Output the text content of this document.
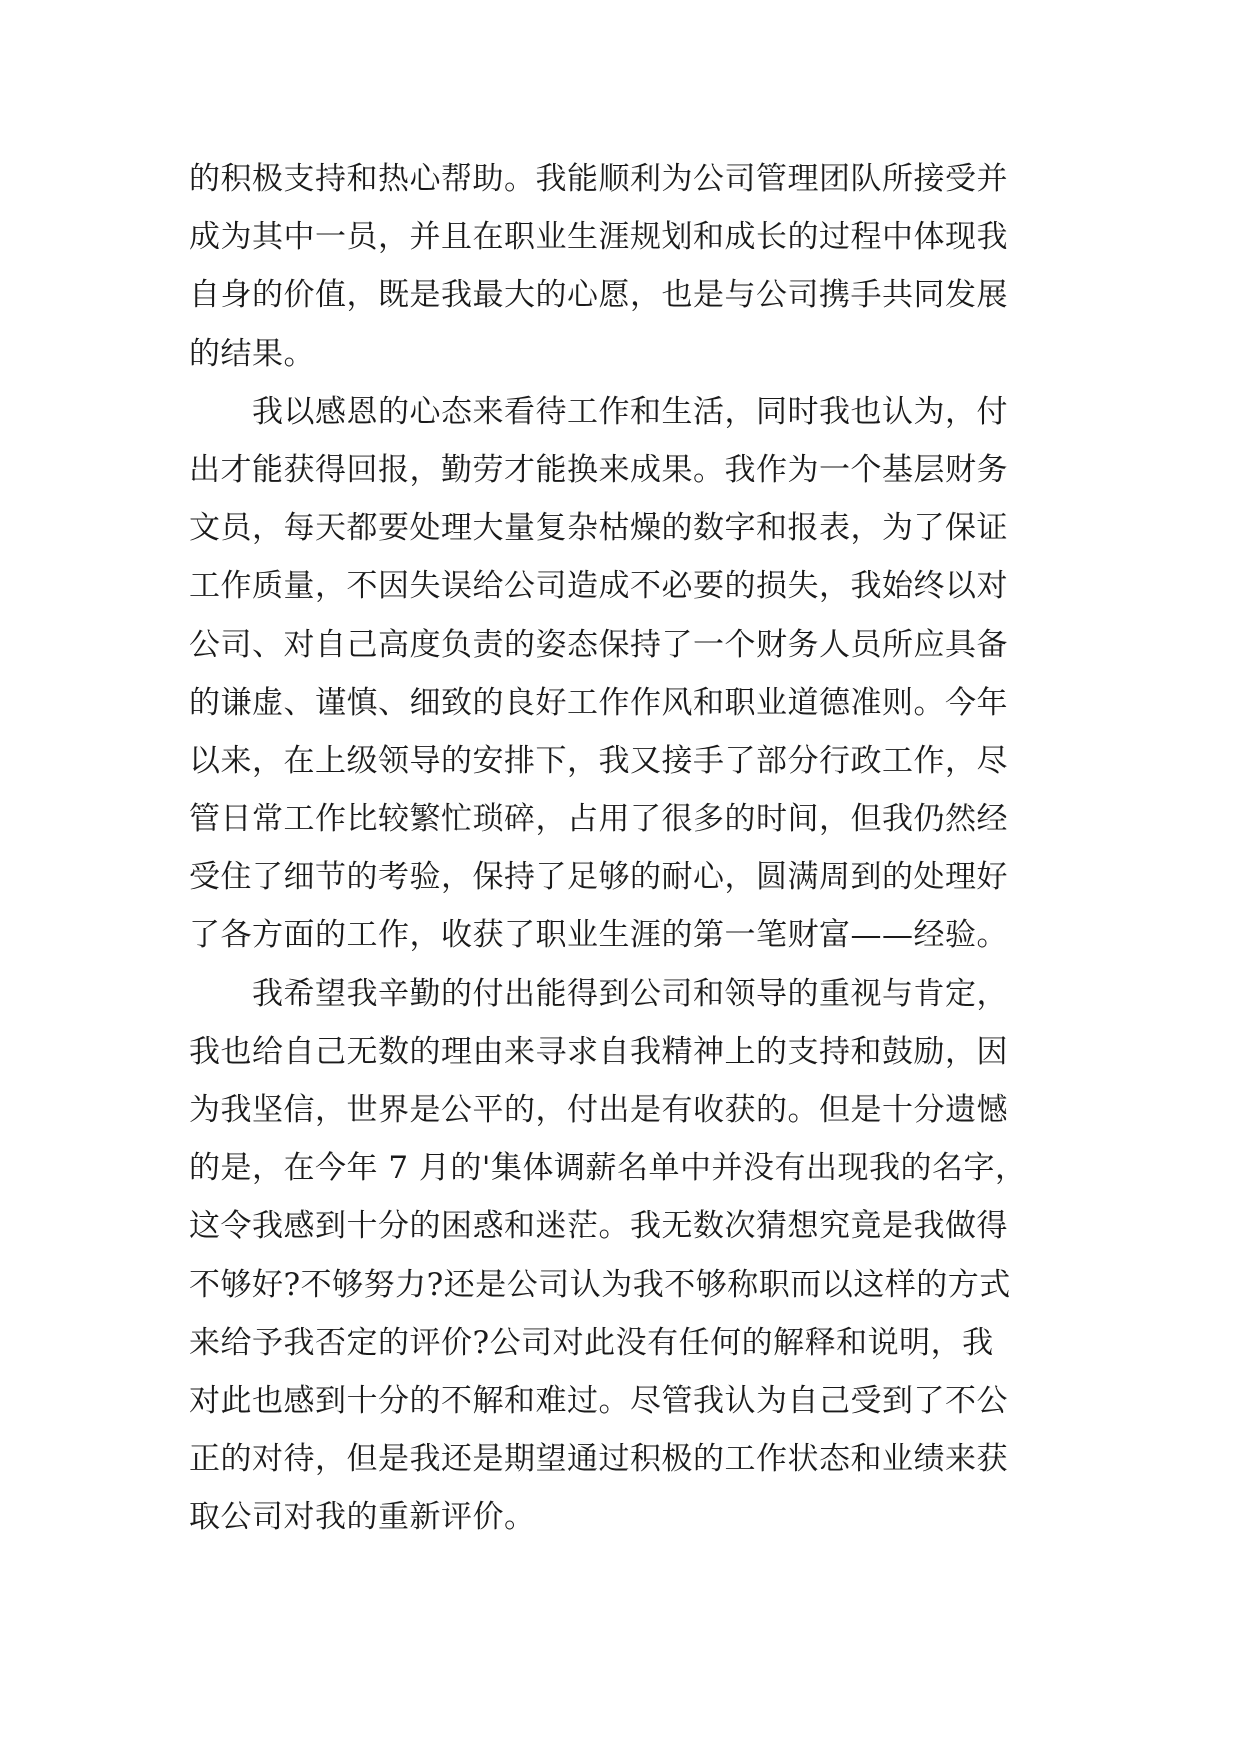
的积极支持和热心帮助。我能顺利为公司管理团队所接受并
成为其中一员，并且在职业生涯规划和成长的过程中体现我
自身的价值，既是我最大的心愿，也是与公司携手共同发展
的结果。
　　我以感恩的心态来看待工作和生活，同时我也认为，付
出才能获得回报，勤劳才能换来成果。我作为一个基层财务
文员，每天都要处理大量复杂枯燥的数字和报表，为了保证
工作质量，不因失误给公司造成不必要的损失，我始终以对
公司、对自己高度负责的姿态保持了一个财务人员所应具备
的谦虚、谨慎、细致的良好工作作风和职业道德准则。今年
以来，在上级领导的安排下，我又接手了部分行政工作，尽
管日常工作比较繁忙琐碎，占用了很多的时间，但我仍然经
受住了细节的考验，保持了足够的耐心，圆满周到的处理好
了各方面的工作，收获了职业生涯的第一笔财富——经验。
　　我希望我辛勤的付出能得到公司和领导的重视与肯定，
我也给自己无数的理由来寻求自我精神上的支持和鼓励，因
为我坚信，世界是公平的，付出是有收获的。但是十分遗憾
的是，在今年 7 月的'集体调薪名单中并没有出现我的名字，
这令我感到十分的困惑和迷茫。我无数次猜想究竟是我做得
不够好?不够努力?还是公司认为我不够称职而以这样的方式
来给予我否定的评价?公司对此没有任何的解释和说明，我
对此也感到十分的不解和难过。尽管我认为自己受到了不公
正的对待，但是我还是期望通过积极的工作状态和业绩来获
取公司对我的重新评价。
